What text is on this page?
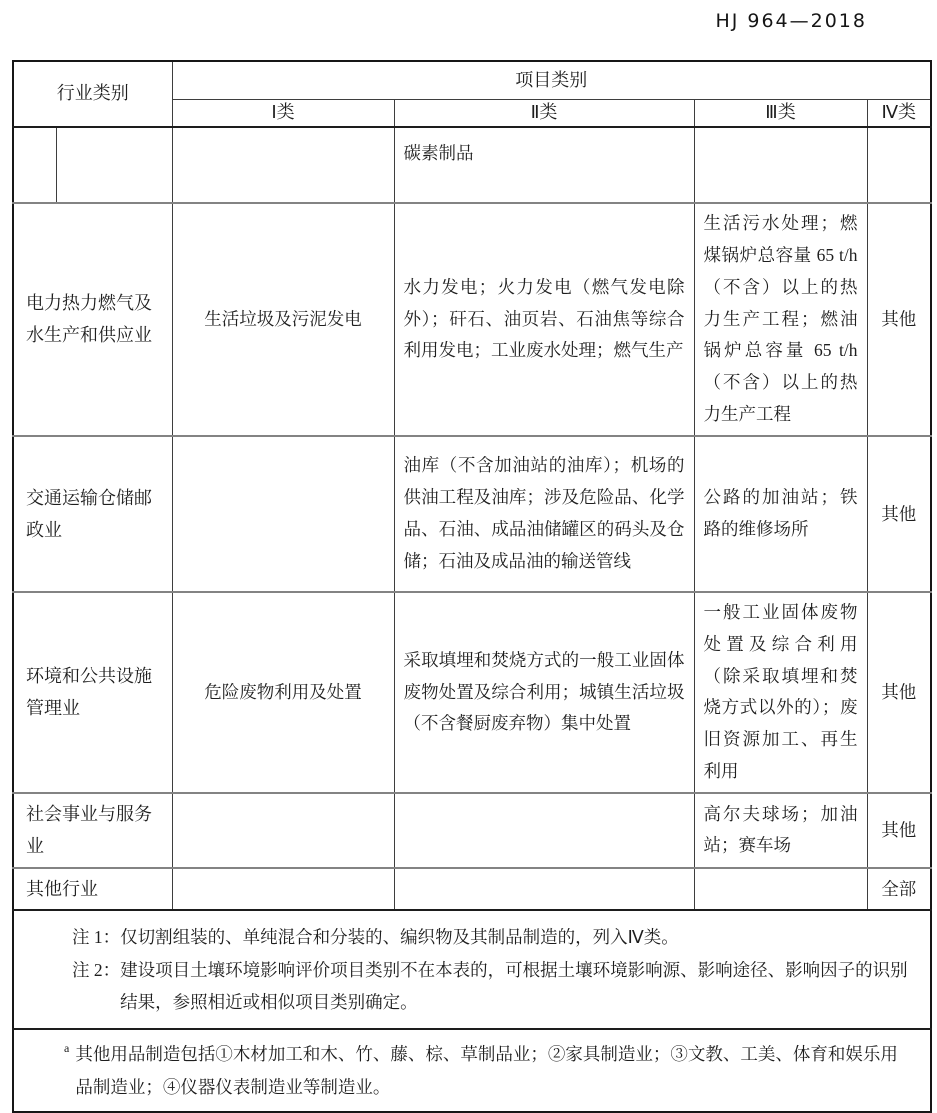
HJ 964—2018
行业类别		项目类别			
		Ⅰ类	Ⅱ类	Ⅲ类	Ⅳ类
			碳素制品		
电力热力燃气及水生产和供应业		生活垃圾及污泥发电	水力发电；火力发电（燃气发电除外）；矸石、油页岩、石油焦等综合利用发电；工业废水处理；燃气生产	生活污水处理；燃煤锅炉总容量 65 t/h（不含）以上的热力生产工程；燃油锅炉总容量 65 t/h（不含）以上的热力生产工程	其他
交通运输仓储邮政业			油库（不含加油站的油库）；机场的供油工程及油库；涉及危险品、化学品、石油、成品油储罐区的码头及仓储；石油及成品油的输送管线	公路的加油站；铁路的维修场所	其他
环境和公共设施管理业		危险废物利用及处置	采取填埋和焚烧方式的一般工业固体废物处置及综合利用；城镇生活垃圾（不含餐厨废弃物）集中处置	一般工业固体废物处置及综合利用（除采取填埋和焚烧方式以外的）；废旧资源加工、再生利用	其他
社会事业与服务业				高尔夫球场；加油站；赛车场	其他
其他行业					全部

注 1： 仅切割组装的、单纯混合和分装的、编织物及其制品制造的，列入Ⅳ类。
注 2： 建设项目土壤环境影响评价项目类别不在本表的，可根据土壤环境影响源、影响途径、影响因子的识别结果，参照相近或相似项目类别确定。					

a 其他用品制造包括①木材加工和木、竹、藤、棕、草制品业；②家具制造业；③文教、工美、体育和娱乐用品制造业；④仪器仪表制造业等制造业。					
